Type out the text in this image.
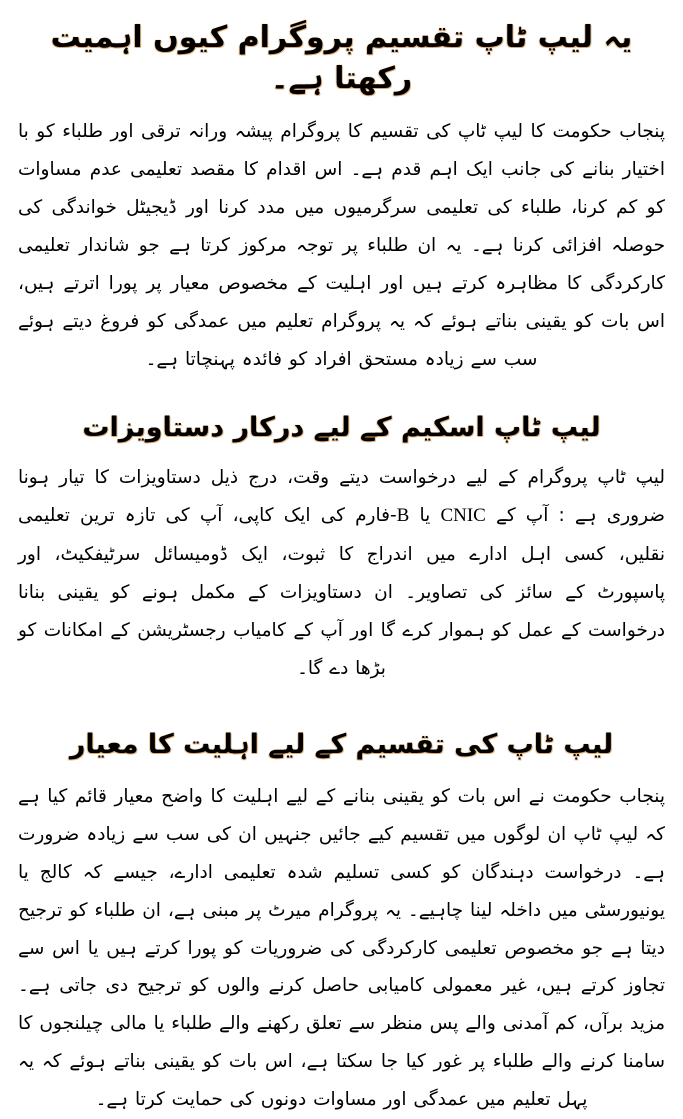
یہ لیپ ٹاپ تقسیم پروگرام کیوں اہمیت رکھتا ہے۔

پنجاب حکومت کا لیپ ٹاپ کی تقسیم کا پروگرام پیشہ ورانہ ترقی اور طلباء کو با اختیار بنانے کی جانب ایک اہم قدم ہے۔ اس اقدام کا مقصد تعلیمی عدم مساوات کو کم کرنا، طلباء کی تعلیمی سرگرمیوں میں مدد کرنا اور ڈیجیٹل خواندگی کی حوصلہ افزائی کرنا ہے۔ یہ ان طلباء پر توجہ مرکوز کرتا ہے جو شاندار تعلیمی کارکردگی کا مظاہرہ کرتے ہیں اور اہلیت کے مخصوص معیار پر پورا اترتے ہیں، اس بات کو یقینی بناتے ہوئے کہ یہ پروگرام تعلیم میں عمدگی کو فروغ دیتے ہوئے سب سے زیادہ مستحق افراد کو فائدہ پہنچاتا ہے۔

لیپ ٹاپ اسکیم کے لیے درکار دستاویزات

لیپ ٹاپ پروگرام کے لیے درخواست دیتے وقت، درج ذیل دستاویزات کا تیار ہونا ضروری ہے : آپ کے CNIC یا B-فارم کی ایک کاپی، آپ کی تازہ ترین تعلیمی نقلیں، کسی اہل ادارے میں اندراج کا ثبوت، ایک ڈومیسائل سرٹیفکیٹ، اور پاسپورٹ کے سائز کی تصاویر۔ ان دستاویزات کے مکمل ہونے کو یقینی بنانا درخواست کے عمل کو ہموار کرے گا اور آپ کے کامیاب رجسٹریشن کے امکانات کو بڑھا دے گا۔

لیپ ٹاپ کی تقسیم کے لیے اہلیت کا معیار

پنجاب حکومت نے اس بات کو یقینی بنانے کے لیے اہلیت کا واضح معیار قائم کیا ہے کہ لیپ ٹاپ ان لوگوں میں تقسیم کیے جائیں جنہیں ان کی سب سے زیادہ ضرورت ہے۔ درخواست دہندگان کو کسی تسلیم شدہ تعلیمی ادارے، جیسے کہ کالج یا یونیورسٹی میں داخلہ لینا چاہیے۔ یہ پروگرام میرٹ پر مبنی ہے، ان طلباء کو ترجیح دیتا ہے جو مخصوص تعلیمی کارکردگی کی ضروریات کو پورا کرتے ہیں یا اس سے تجاوز کرتے ہیں، غیر معمولی کامیابی حاصل کرنے والوں کو ترجیح دی جاتی ہے۔ مزید برآں، کم آمدنی والے پس منظر سے تعلق رکھنے والے طلباء یا مالی چیلنجوں کا سامنا کرنے والے طلباء پر غور کیا جا سکتا ہے، اس بات کو یقینی بناتے ہوئے کہ یہ پہل تعلیم میں عمدگی اور مساوات دونوں کی حمایت کرتا ہے۔
